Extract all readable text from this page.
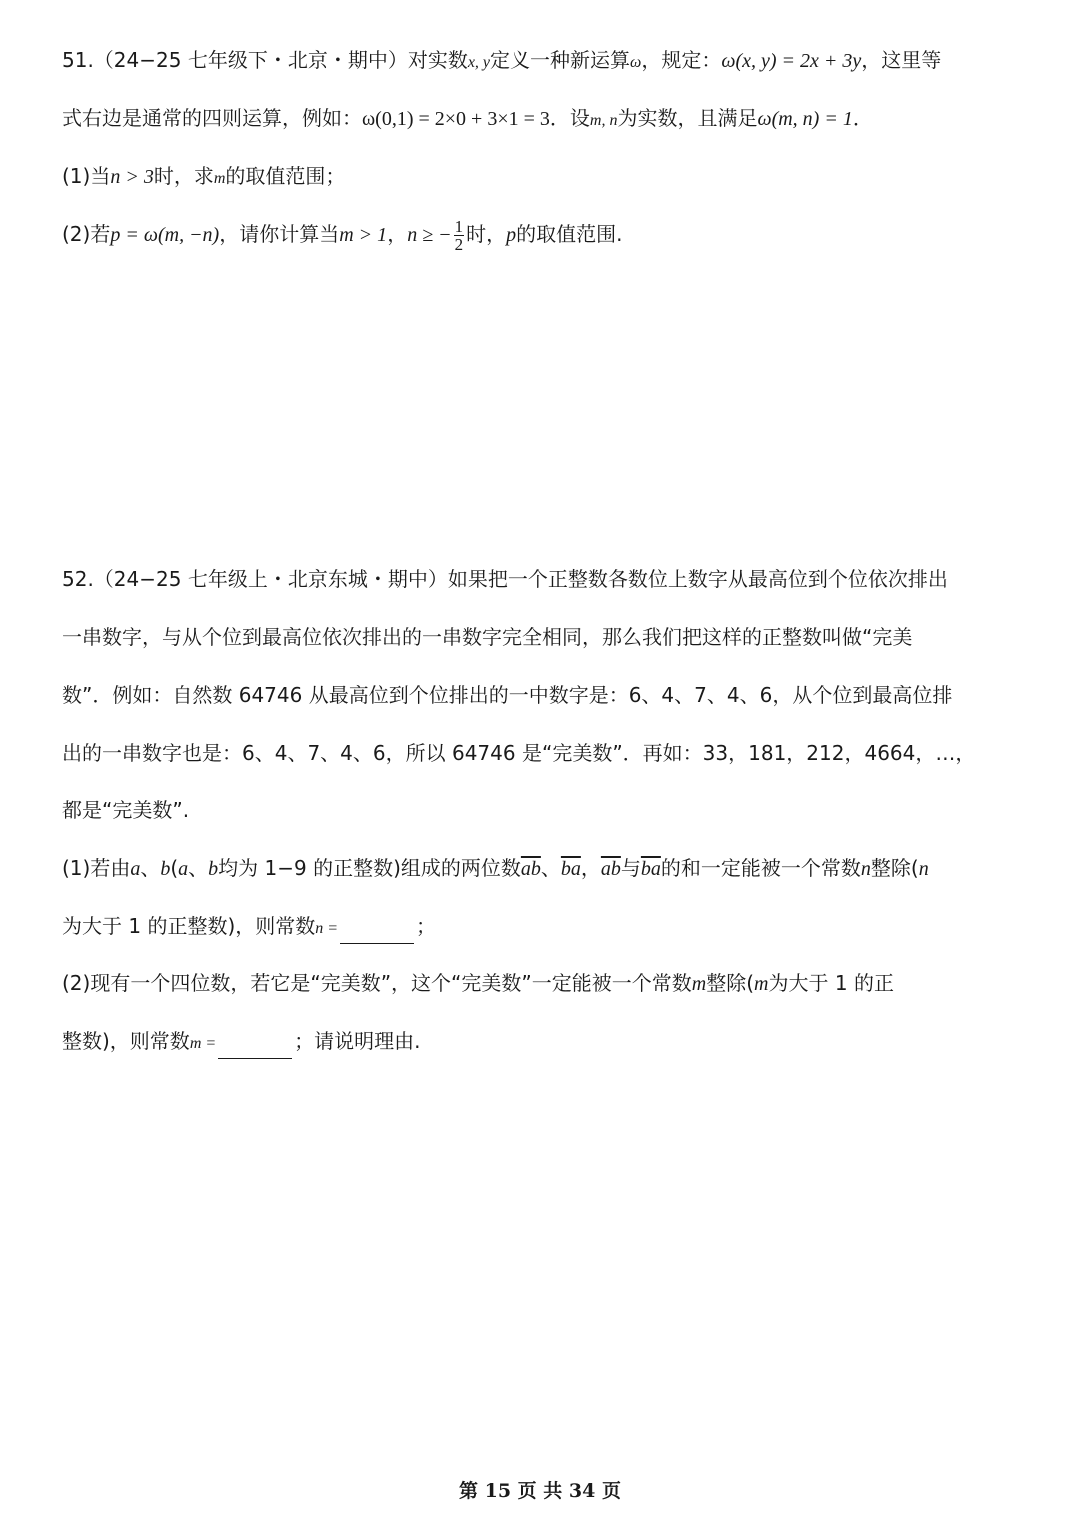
51.（24−25 七年级下・北京・期中）对实数x, y定义一种新运算ω，规定：ω(x, y) = 2x + 3y，这里等
式右边是通常的四则运算，例如：ω(0,1) = 2×0 + 3×1 = 3．设m, n为实数，且满足ω(m, n) = 1．
(1)当n > 3时，求m的取值范围；
(2)若p = ω(m, −n)，请你计算当m > 1，n ≥ − $\frac{1}{2}$ 时，p的取值范围.
52.（24−25 七年级上・北京东城・期中）如果把一个正整数各数位上数字从最高位到个位依次排出
一串数字，与从个位到最高位依次排出的一串数字完全相同，那么我们把这样的正整数叫做“完美
数”．例如：自然数 64746 从最高位到个位排出的一中数字是：6、4、7、4、6，从个位到最高位排
出的一串数字也是：6、4、7、4、6，所以 64746 是“完美数”．再如：33，181，212，4664，…，
都是“完美数”.
(1)若由a、b(a、b均为 1−9 的正整数)组成的两位数$\overline{ab}$、$\overline{ba}$，$\overline{ab}$与$\overline{ba}$的和一定能被一个常数n整除(n
为大于 1 的正整数)，则常数n =	；
(2)现有一个四位数，若它是“完美数”，这个“完美数”一定能被一个常数m整除(m为大于 1 的正
整数)，则常数m =	；请说明理由.
第 15 页 共 34 页
